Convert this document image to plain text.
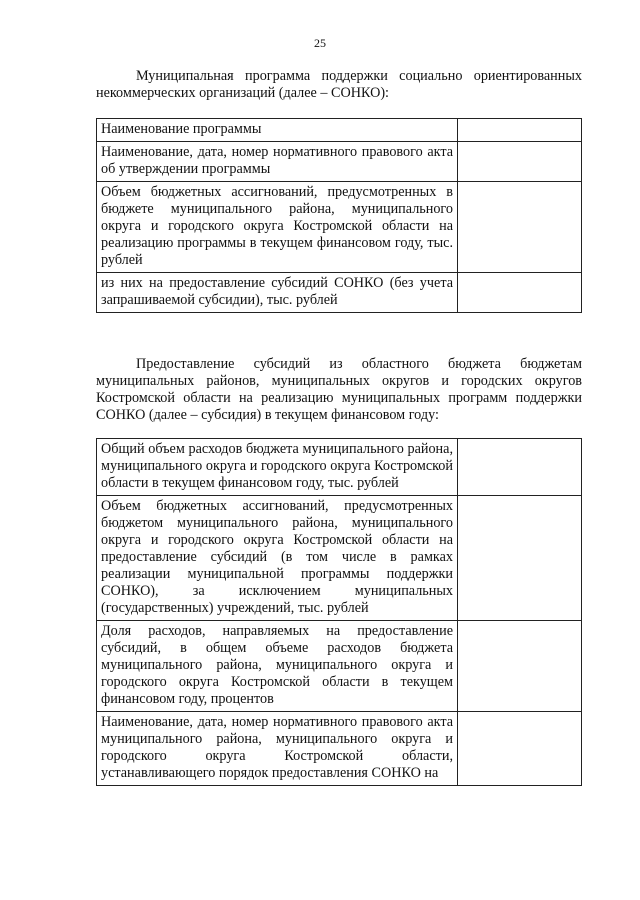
25

Муниципальная программа поддержки социально ориентированных некоммерческих организаций (далее – СОНКО):

Наименование программы	
Наименование, дата, номер нормативного правового акта об утверждении программы	
Объем бюджетных ассигнований, предусмотренных в бюджете муниципального района, муниципального округа и городского округа Костромской области на реализацию программы в текущем финансовом году, тыс. рублей	
из них на предоставление субсидий СОНКО (без учета запрашиваемой субсидии), тыс. рублей	

Предоставление субсидий из областного бюджета бюджетам муниципальных районов, муниципальных округов и городских округов Костромской области на реализацию муниципальных программ поддержки СОНКО (далее – субсидия) в текущем финансовом году:

Общий объем расходов бюджета муниципального района, муниципального округа и городского округа Костромской области в текущем финансовом году, тыс. рублей	
Объем бюджетных ассигнований, предусмотренных бюджетом муниципального района, муниципального округа и городского округа Костромской области на предоставление субсидий (в том числе в рамках реализации муниципальной программы поддержки СОНКО), за исключением муниципальных (государственных) учреждений, тыс. рублей	
Доля расходов, направляемых на предоставление субсидий, в общем объеме расходов бюджета муниципального района, муниципального округа и городского округа Костромской области в текущем финансовом году, процентов	
Наименование, дата, номер нормативного правового акта муниципального района, муниципального округа и городского округа Костромской области, устанавливающего порядок предоставления СОНКО на	
